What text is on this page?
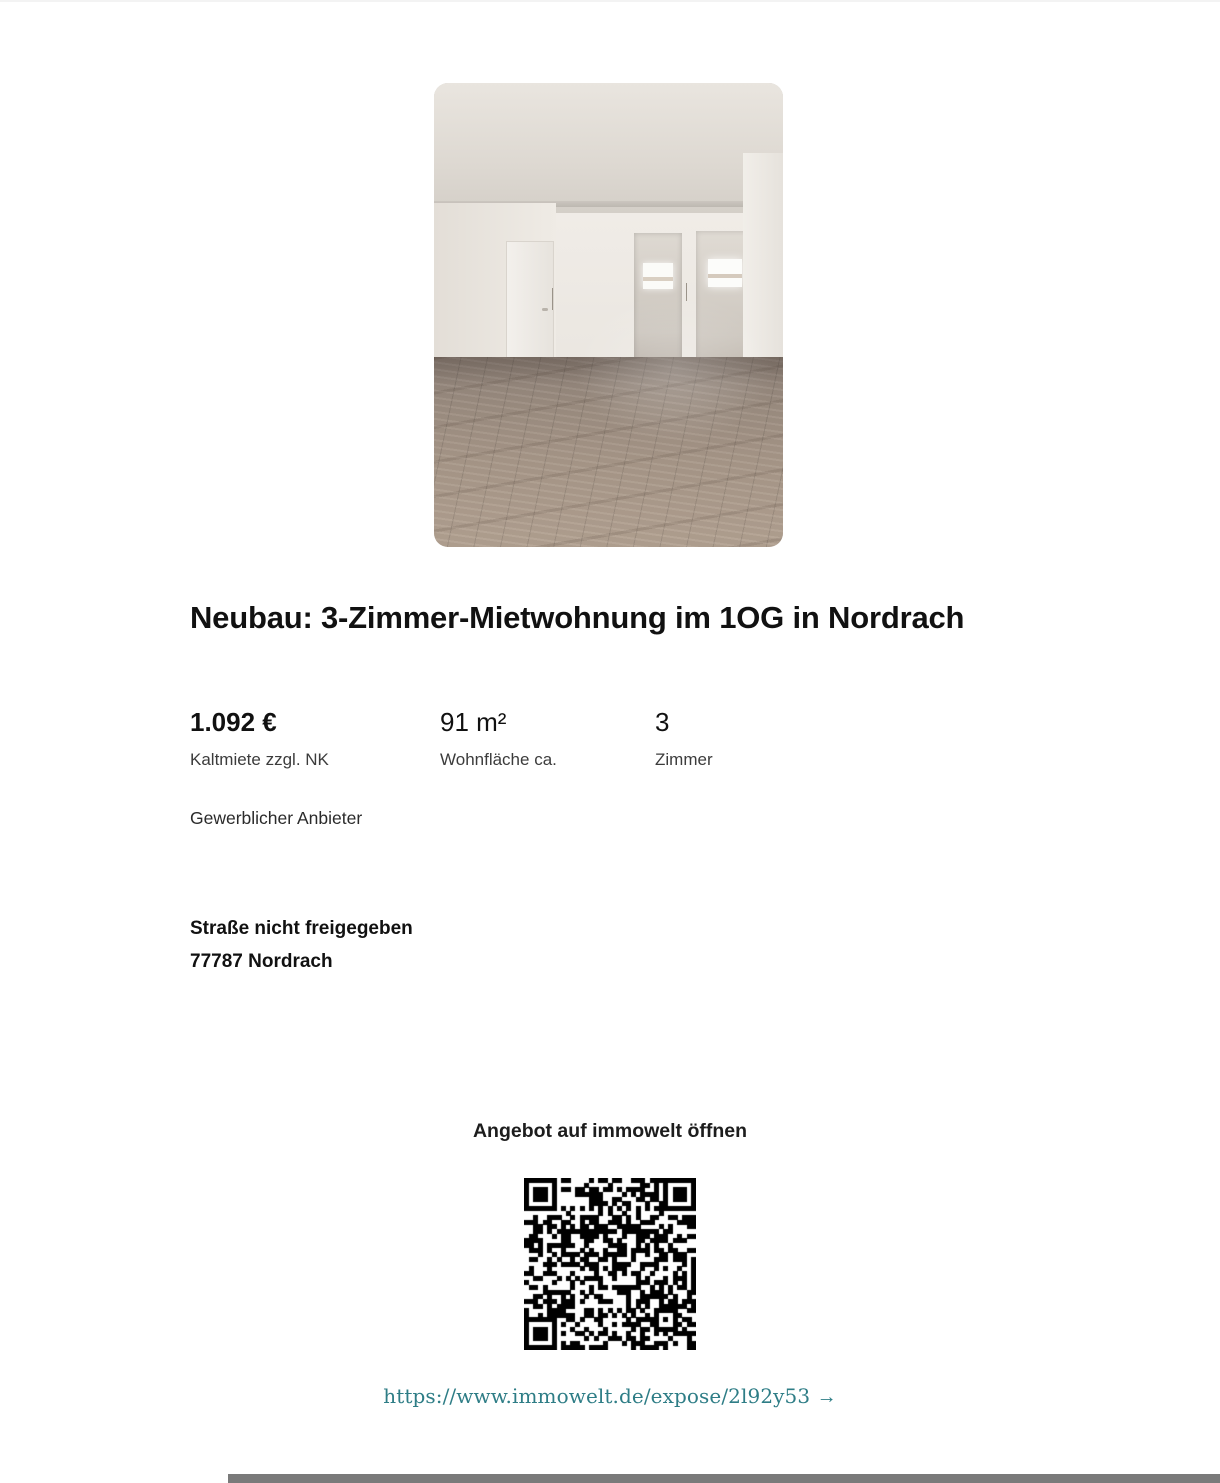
Neubau: 3-Zimmer-Mietwohnung im 1OG in Nordrach
1.092 €
Kaltmiete zzgl. NK
91 m²
Wohnfläche ca.
3
Zimmer
Gewerblicher Anbieter
Straße nicht freigegeben
77787 Nordrach
Angebot auf immowelt öffnen
https://www.immowelt.de/expose/2l92y53 →
